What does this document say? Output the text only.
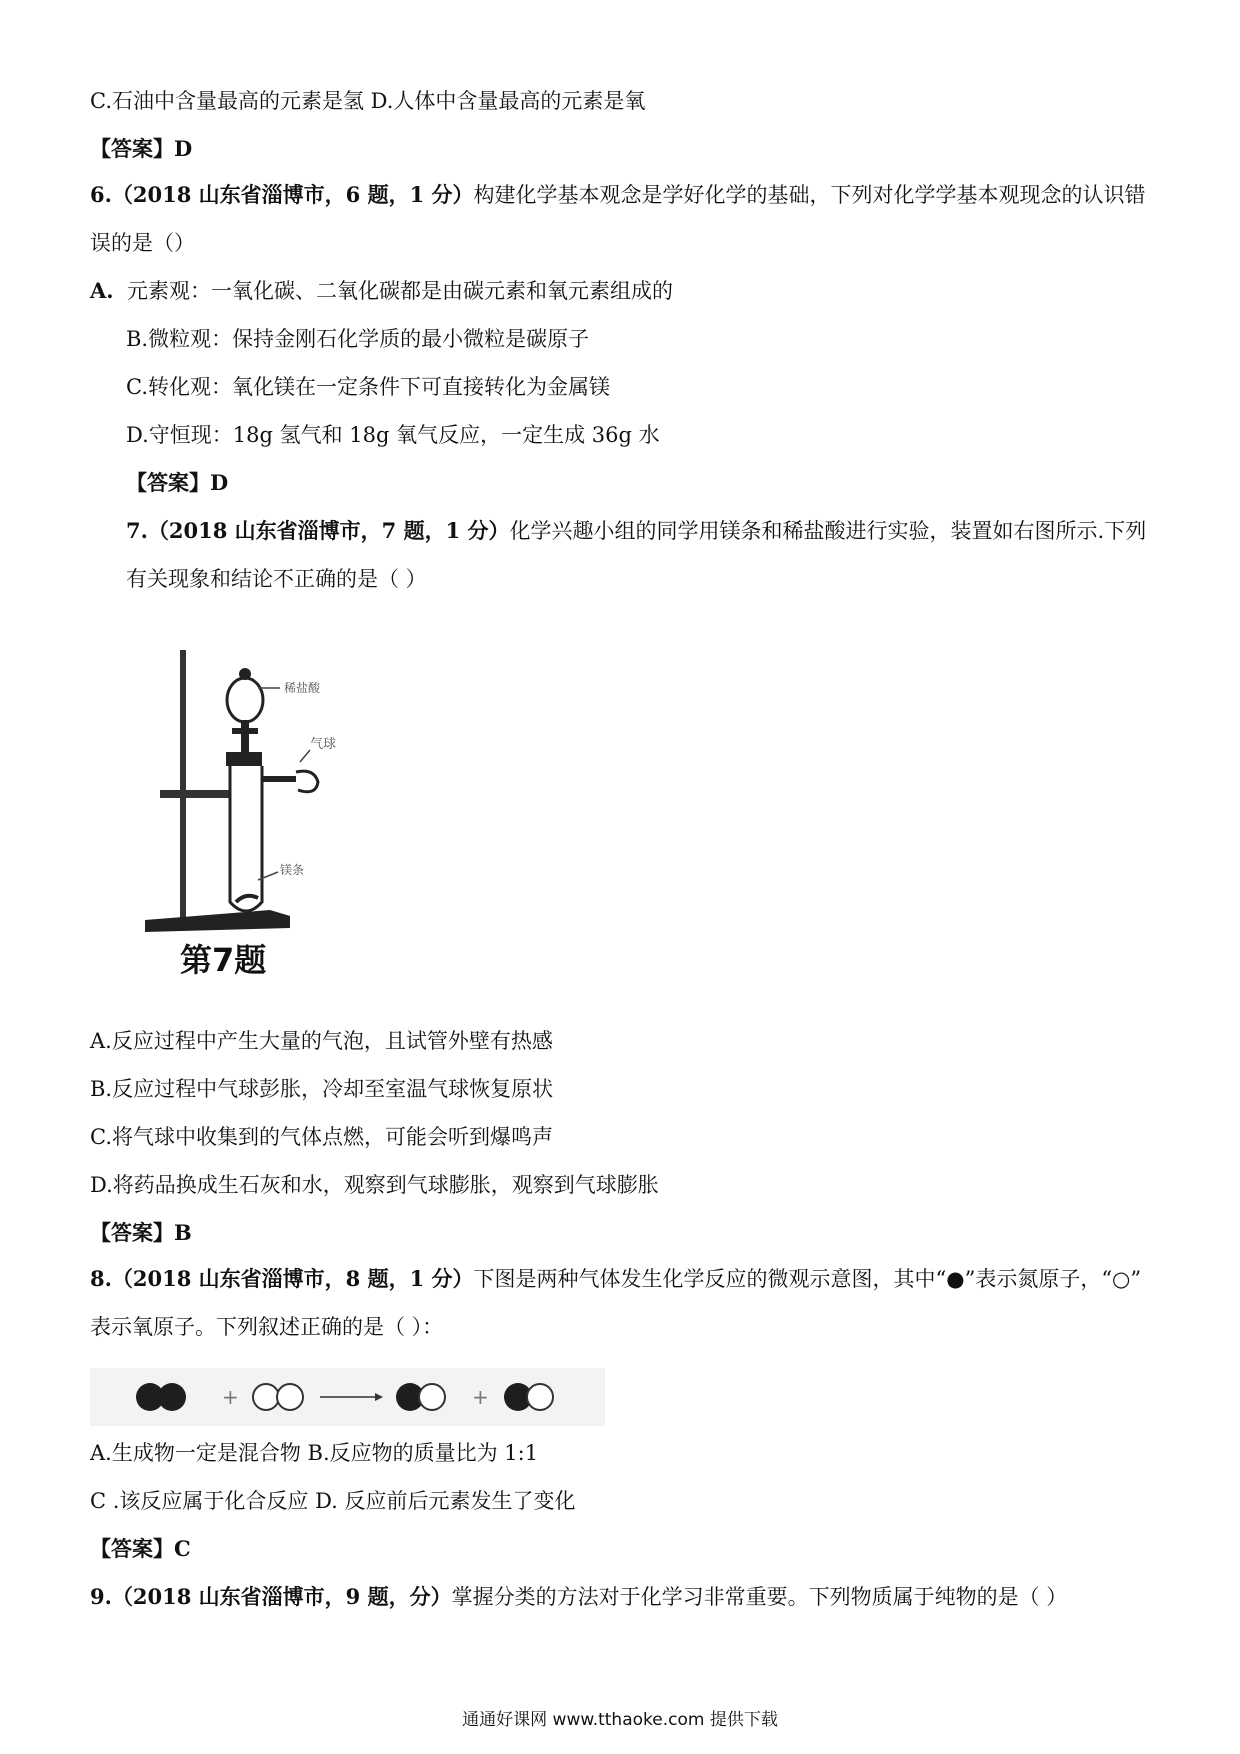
C.石油中含量最高的元素是氢 D.人体中含量最高的元素是氧
【答案】D
6.（2018 山东省淄博市，6 题，1 分）构建化学基本观念是学好化学的基础，下列对化学学基本观现念的认识错
误的是（）
A. 元素观：一氧化碳、二氧化碳都是由碳元素和氧元素组成的
B.微粒观：保持金刚石化学质的最小微粒是碳原子
C.转化观：氧化镁在一定条件下可直接转化为金属镁
D.守恒现：18g 氢气和 18g 氧气反应，一定生成 36g 水
【答案】D
7.（2018 山东省淄博市，7 题，1 分）化学兴趣小组的同学用镁条和稀盐酸进行实验，装置如右图所示.下列
有关现象和结论不正确的是（ ）
稀盐酸
气球
镁条
第7题
A.反应过程中产生大量的气泡，且试管外壁有热感
B.反应过程中气球彭胀，冷却至室温气球恢复原状
C.将气球中收集到的气体点燃，可能会听到爆鸣声
D.将药品换成生石灰和水，观察到气球膨胀，观察到气球膨胀
【答案】B
8.（2018 山东省淄博市，8 题，1 分）下图是两种气体发生化学反应的微观示意图，其中“●”表示氮原子，“○”
表示氧原子。下列叙述正确的是（ ）：
+	+
A.生成物一定是混合物 B.反应物的质量比为 1:1
C .该反应属于化合反应 D. 反应前后元素发生了变化
【答案】C
9.（2018 山东省淄博市，9 题，分）掌握分类的方法对于化学习非常重要。下列物质属于纯物的是（ ）
通通好课网 www.tthaoke.com 提供下载
